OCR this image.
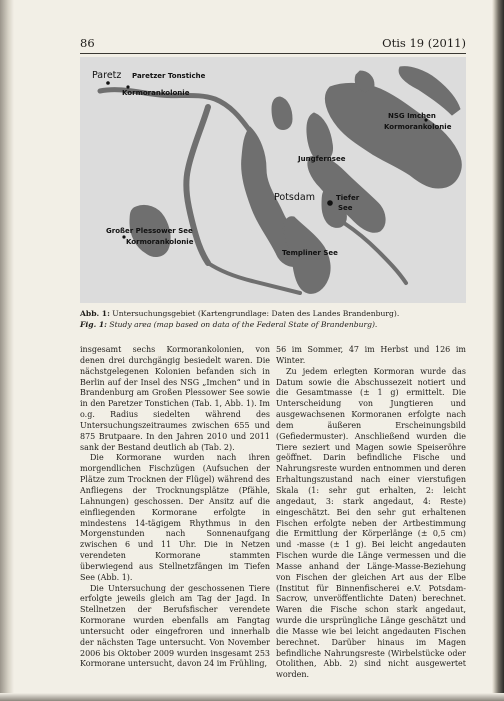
86	Otis 19 (2011)
Paretz Paretzer Tonstiche
Kormorankolonie
NSG Imchen
Kormorankolonie
Jungfernsee
Potsdam	Tiefer
See
Großer Plessower See
Kormorankolonie
Templiner See
Abb. 1: Untersuchungsgebiet (Kartengrundlage: Daten des Landes Brandenburg).
Fig. 1: Study area (map based on data of the Federal State of Brandenburg).

insgesamt sechs Kormorankolonien, von denen drei durchgängig besiedelt waren. Die nächstgelegenen Kolonien befanden sich in Berlin auf der Insel des NSG „Imchen“ und in Brandenburg am Großen Plessower See sowie in den Paretzer Tonstichen (Tab. 1, Abb. 1). Im o.g. Radius siedelten während des Untersuchungszeitraumes zwischen 655 und 875 Brutpaare. In den Jahren 2010 und 2011 sank der Bestand deutlich ab (Tab. 2).

Die Kormorane wurden nach ihren morgendlichen Fischzügen (Aufsuchen der Plätze zum Trocknen der Flügel) während des Anfliegens der Trocknungsplätze (Pfähle, Lahnungen) geschossen. Der Ansitz auf die einfliegenden Kormorane erfolgte in mindestens 14-tägigem Rhythmus in den Morgenstunden nach Sonnenaufgang zwischen 6 und 11 Uhr. Die in Netzen verendeten Kormorane stammten überwiegend aus Stellnetzfängen im Tiefen See (Abb. 1).

Die Untersuchung der geschossenen Tiere erfolgte jeweils gleich am Tag der Jagd. In Stellnetzen der Berufsfischer verendete Kormorane wurden ebenfalls am Fangtag untersucht oder eingefroren und innerhalb der nächsten Tage untersucht. Von November 2006 bis Oktober 2009 wurden insgesamt 253 Kormorane untersucht, davon 24 im Frühling,

56 im Sommer, 47 im Herbst und 126 im Winter.

Zu jedem erlegten Kormoran wurde das Datum sowie die Abschussezeit notiert und die Gesamtmasse (± 1 g) ermittelt. Die Unterscheidung von Jungtieren und ausgewachsenen Kormoranen erfolgte nach dem äußeren Erscheinungsbild (Gefiedermuster). Anschließend wurden die Tiere seziert und Magen sowie Speiseröhre geöffnet. Darin befindliche Fische und Nahrungsreste wurden entnommen und deren Erhaltungszustand nach einer vierstufigen Skala (1: sehr gut erhalten, 2: leicht angedaut, 3: stark angedaut, 4: Reste) eingeschätzt. Bei den sehr gut erhaltenen Fischen erfolgte neben der Artbestimmung die Ermittlung der Körperlänge (± 0,5 cm) und -masse (± 1 g). Bei leicht angedauten Fischen wurde die Länge vermessen und die Masse anhand der Länge-Masse-Beziehung von Fischen der gleichen Art aus der Elbe (Institut für Binnenfischerei e.V. Potsdam-Sacrow, unveröffentlichte Daten) berechnet. Waren die Fische schon stark angedaut, wurde die ursprüngliche Länge geschätzt und die Masse wie bei leicht angedauten Fischen berechnet. Darüber hinaus im Magen befindliche Nahrungsreste (Wirbelstücke oder Otolithen, Abb. 2) sind nicht ausgewertet worden.
